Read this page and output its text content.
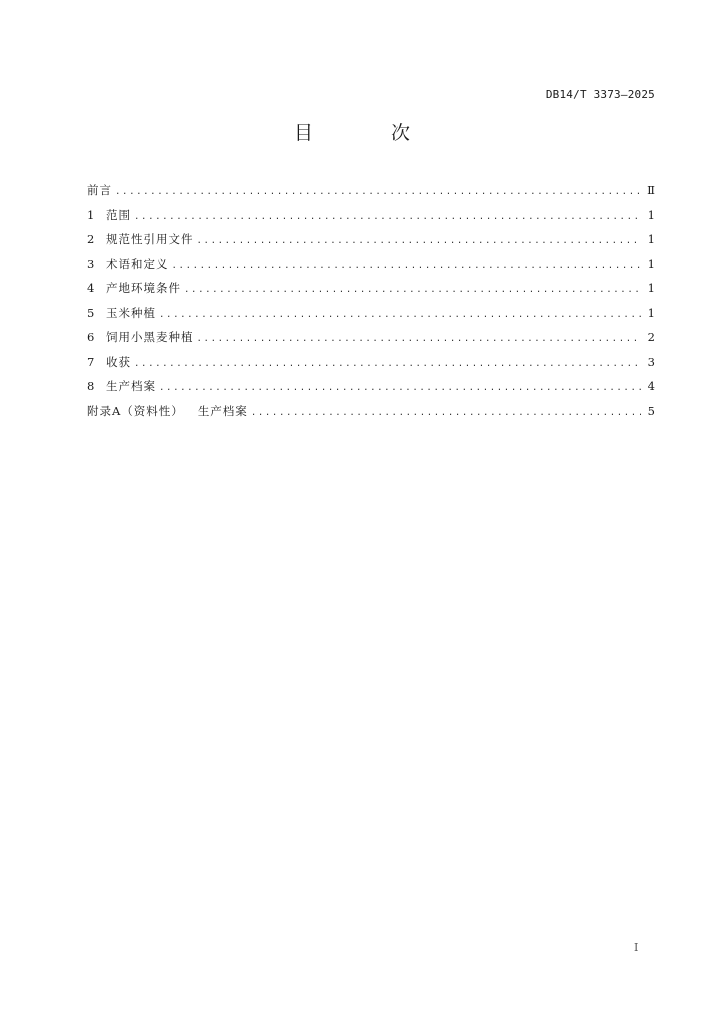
DB14/T 3373—2025
目 次
前言 . . .	Ⅱ
1	范围 . . .	1
2	规范性引用文件 . . .	1
3	术语和定义 . . .	1
4	产地环境条件 . . .	1
5	玉米种植 . . .	1
6	饲用小黑麦种植 . . .	2
7	收获 . . .	3
8	生产档案 . . .	4
附录A（资料性） 生产档案 . . .	5
I
